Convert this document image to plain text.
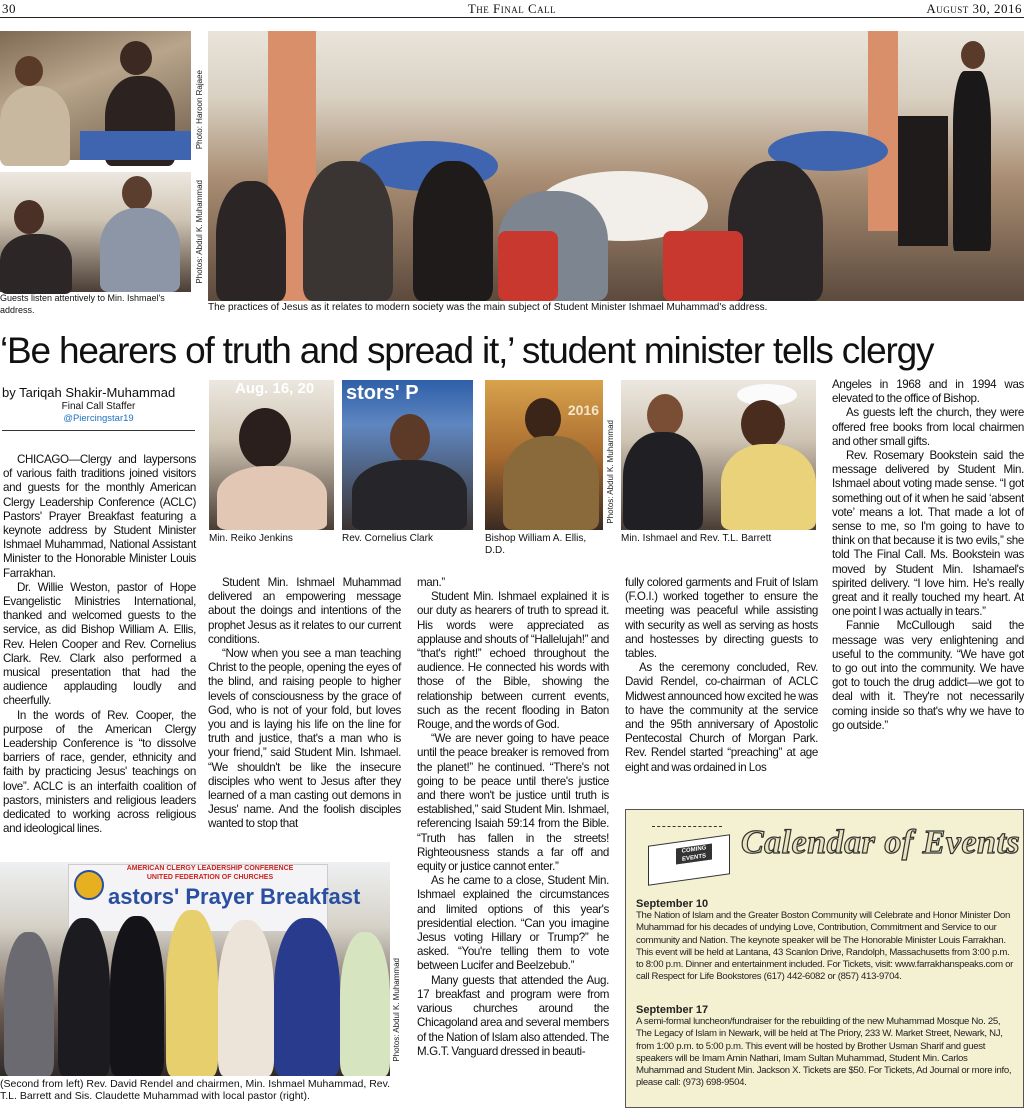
30	The Final Call	August 30, 2016
Photo: Haroon Rajaee
Photos: Abdul K. Muhammad
Guests listen attentively to Min. Ishmael's address.	The practices of Jesus as it relates to modern society was the main subject of Student Minister Ishmael Muhammad's address.
‘Be hearers of truth and spread it,’ student minister tells clergy
by Tariqah Shakir-Muhammad
Final Call Staffer
@Piercingstar19

CHICAGO—Clergy and laypersons of various faith traditions joined visitors and guests for the monthly American Clergy Leadership Conference (ACLC) Pastors' Prayer Breakfast featuring a keynote address by Student Minister Ishmael Muhammad, National Assistant Minister to the Honorable Minister Louis Farrakhan.

Dr. Willie Weston, pastor of Hope Evangelistic Ministries International, thanked and welcomed guests to the service, as did Bishop William A. Ellis, Rev. Helen Cooper and Rev. Cornelius Clark. Rev. Clark also performed a musical presentation that had the audience applauding loudly and cheerfully.

In the words of Rev. Cooper, the purpose of the American Clergy Leadership Conference is “to dissolve barriers of race, gender, ethnicity and faith by practicing Jesus' teachings on love”. ACLC is an interfaith coalition of pastors, ministers and religious leaders dedicated to working across religious and ideological lines.

Aug. 16, 20	stors' P
2016
Photos: Abdul K. Muhammad
Min. Reiko Jenkins	Rev. Cornelius Clark	Bishop William A. Ellis, D.D.
Min. Ishmael and Rev. T.L. Barrett

Student Min. Ishmael Muhammad delivered an empowering message about the doings and intentions of the prophet Jesus as it relates to our current conditions.

“Now when you see a man teaching Christ to the people, opening the eyes of the blind, and raising people to higher levels of consciousness by the grace of God, who is not of your fold, but loves you and is laying his life on the line for truth and justice, that's a man who is your friend,” said Student Min. Ishmael. “We shouldn't be like the insecure disciples who went to Jesus after they learned of a man casting out demons in Jesus' name. And the foolish disciples wanted to stop that

man.”

Student Min. Ishmael explained it is our duty as hearers of truth to spread it. His words were appreciated as applause and shouts of “Hallelujah!” and “that's right!” echoed throughout the audience. He connected his words with those of the Bible, showing the relationship between current events, such as the recent flooding in Baton Rouge, and the words of God.

“We are never going to have peace until the peace breaker is removed from the planet!” he continued. “There's not going to be peace until there's justice and there won't be justice until truth is established,” said Student Min. Ishmael, referencing Isaiah 59:14 from the Bible. “Truth has fallen in the streets! Righteousness stands a far off and equity or justice cannot enter.”

As he came to a close, Student Min. Ishmael explained the circumstances and limited options of this year's presidential election. “Can you imagine Jesus voting Hillary or Trump?” he asked. “You're telling them to vote between Lucifer and Beelzebub.”

Many guests that attended the Aug. 17 breakfast and program were from various churches around the Chicagoland area and several members of the Nation of Islam also attended. The M.G.T. Vanguard dressed in beauti-

fully colored garments and Fruit of Islam (F.O.I.) worked together to ensure the meeting was peaceful while assisting with security as well as serving as hosts and hostesses by directing guests to tables.

As the ceremony concluded, Rev. David Rendel, co-chairman of ACLC Midwest announced how excited he was to have the community at the service and the 95th anniversary of Apostolic Pentecostal Church of Morgan Park. Rev. Rendel started “preaching” at age eight and was ordained in Los

Angeles in 1968 and in 1994 was elevated to the office of Bishop.

As guests left the church, they were offered free books from local chairmen and other small gifts.

Rev. Rosemary Bookstein said the message delivered by Student Min. Ishmael about voting made sense. “I got something out of it when he said ‘absent vote’ means a lot. That made a lot of sense to me, so I'm going to have to think on that because it is two evils,” she told The Final Call. Ms. Bookstein was moved by Student Min. Ishamael's spirited delivery. “I love him. He's really great and it really touched my heart. At one point I was actually in tears.”

Fannie McCullough said the message was very enlightening and useful to the community. “We have got to go out into the community. We have got to touch the drug addict—we got to deal with it. They're not necessarily coming inside so that's why we have to go outside.”

AMERICAN CLERGY LEADERSHIP CONFERENCE
UNITED FEDERATION OF CHURCHES
astors' Prayer Breakfast
Photos: Abdul K. Muhammad
(Second from left) Rev. David Rendel and chairmen, Min. Ishmael Muhammad, Rev. T.L. Barrett and Sis. Claudette Muhammad with local pastor (right).
COMING EVENTS Calendar of Events
September 10
The Nation of Islam and the Greater Boston Community will Celebrate and Honor Minister Don Muhammad for his decades of undying Love, Contribution, Commitment and Service to our community and Nation. The keynote speaker will be The Honorable Minister Louis Farrakhan. This event will be held at Lantana, 43 Scanlon Drive, Randolph, Massachusetts from 3:00 p.m. to 8:00 p.m. Dinner and entertainment included. For Tickets, visit: www.farrakhanspeaks.com or call Respect for Life Bookstores (617) 442-6082 or (857) 413-9704.
September 17
A semi-formal luncheon/fundraiser for the rebuilding of the new Muhammad Mosque No. 25, The Legacy of Islam in Newark, will be held at The Priory, 233 W. Market Street, Newark, NJ, from 1:00 p.m. to 5:00 p.m. This event will be hosted by Brother Usman Sharif and guest speakers will be Imam Amin Nathari, Imam Sultan Muhammad, Student Min. Carlos Muhammad and Student Min. Jackson X. Tickets are $50. For Tickets, Ad Journal or more info, please call: (973) 698-9504.
